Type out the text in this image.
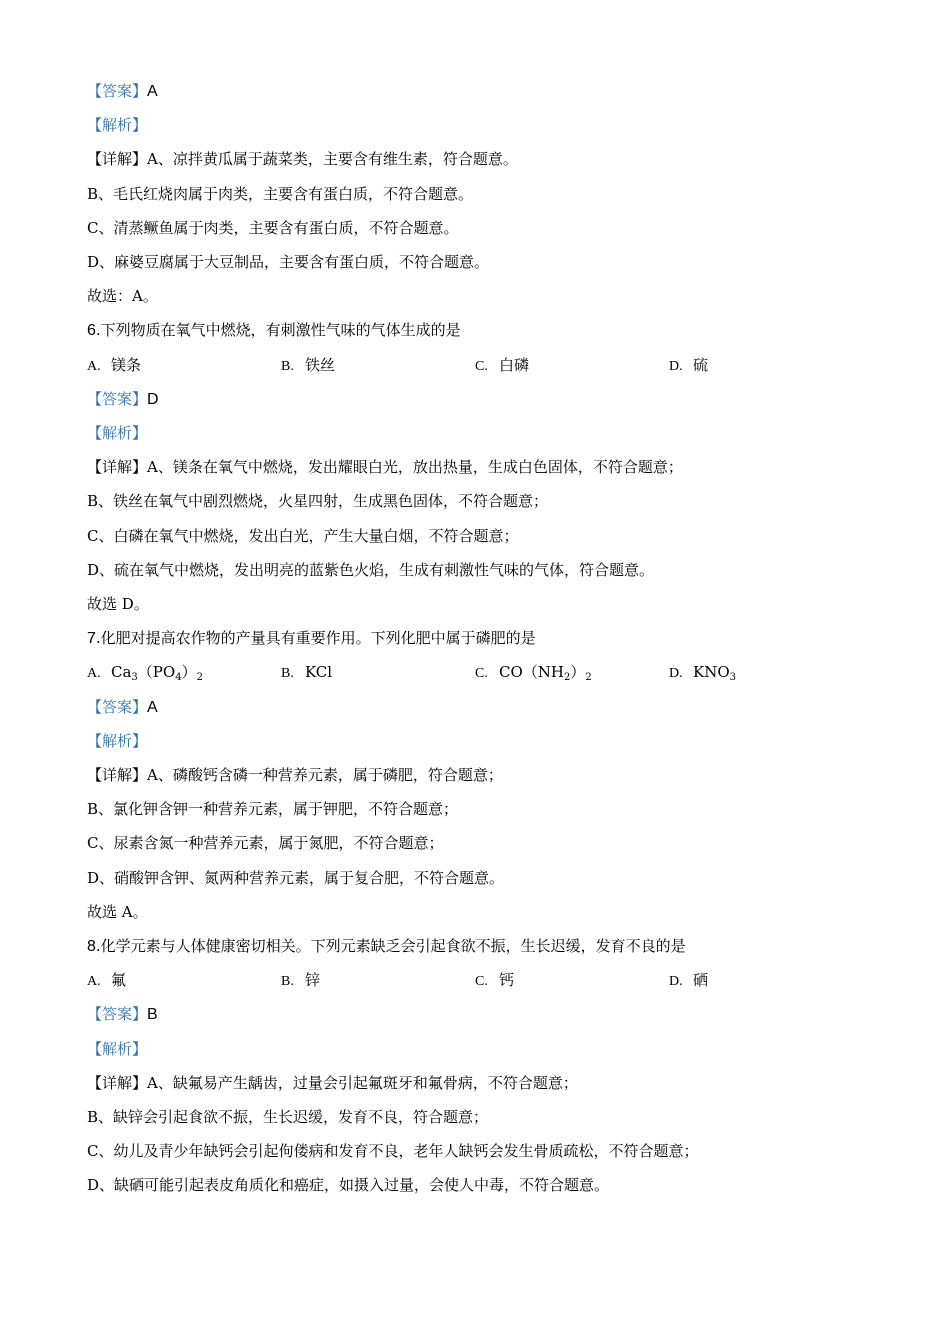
【答案】A
【解析】
【详解】A、凉拌黄瓜属于蔬菜类，主要含有维生素，符合题意。
B、毛氏红烧肉属于肉类，主要含有蛋白质，不符合题意。
C、清蒸鳜鱼属于肉类，主要含有蛋白质，不符合题意。
D、麻婆豆腐属于大豆制品，主要含有蛋白质，不符合题意。
故选：A。
6.下列物质在氧气中燃烧，有刺激性气味的气体生成的是
A. 镁条	B. 铁丝	C. 白磷	D. 硫
【答案】D
【解析】
【详解】A、镁条在氧气中燃烧，发出耀眼白光，放出热量，生成白色固体，不符合题意；
B、铁丝在氧气中剧烈燃烧，火星四射，生成黑色固体，不符合题意；
C、白磷在氧气中燃烧，发出白光，产生大量白烟，不符合题意；
D、硫在氧气中燃烧，发出明亮的蓝紫色火焰，生成有刺激性气味的气体，符合题意。
故选 D。
7.化肥对提高农作物的产量具有重要作用。下列化肥中属于磷肥的是
A. $Ca_3(PO_4)_2$	B. KCl	C. $CO(NH_2)_2$	D. $KNO_3$
【答案】A
【解析】
【详解】A、磷酸钙含磷一种营养元素，属于磷肥，符合题意；
B、氯化钾含钾一种营养元素，属于钾肥，不符合题意；
C、尿素含氮一种营养元素，属于氮肥，不符合题意；
D、硝酸钾含钾、氮两种营养元素，属于复合肥，不符合题意。
故选 A。
8.化学元素与人体健康密切相关。下列元素缺乏会引起食欲不振，生长迟缓，发育不良的是
A. 氟	B. 锌	C. 钙	D. 硒
【答案】B
【解析】
【详解】A、缺氟易产生龋齿，过量会引起氟斑牙和氟骨病，不符合题意；
B、缺锌会引起食欲不振，生长迟缓，发育不良，符合题意；
C、幼儿及青少年缺钙会引起佝偻病和发育不良，老年人缺钙会发生骨质疏松，不符合题意；
D、缺硒可能引起表皮角质化和癌症，如摄入过量，会使人中毒，不符合题意。
